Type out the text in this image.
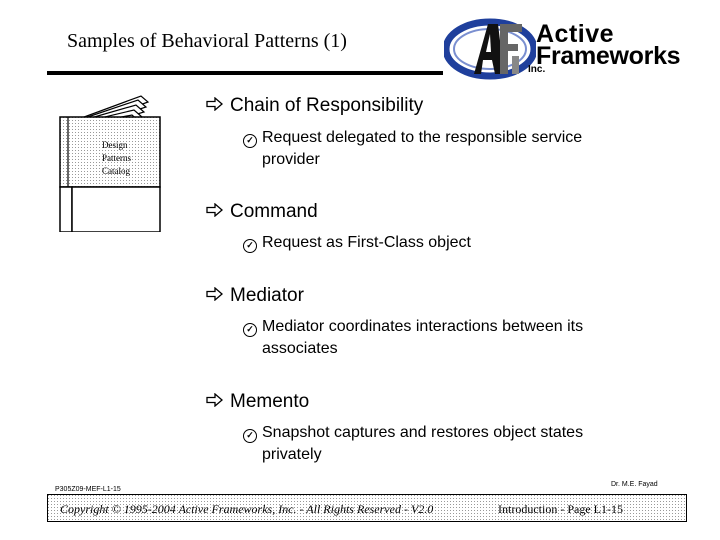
Samples of Behavioral Patterns (1)	Active
Frameworks
Inc.
Design
Patterns
Catalog
Chain of Responsibility
✓ Request delegated to the responsible service
provider
Command
✓ Request as First-Class object
Mediator
✓ Mediator coordinates interactions between its
associates
Memento
✓ Snapshot captures and restores object states
privately
P305Z09-MEF-L1-15
Dr. M.E. Fayad
Copyright © 1995-2004 Active Frameworks, Inc. - All Rights Reserved - V2.0	Introduction - Page L1-15
